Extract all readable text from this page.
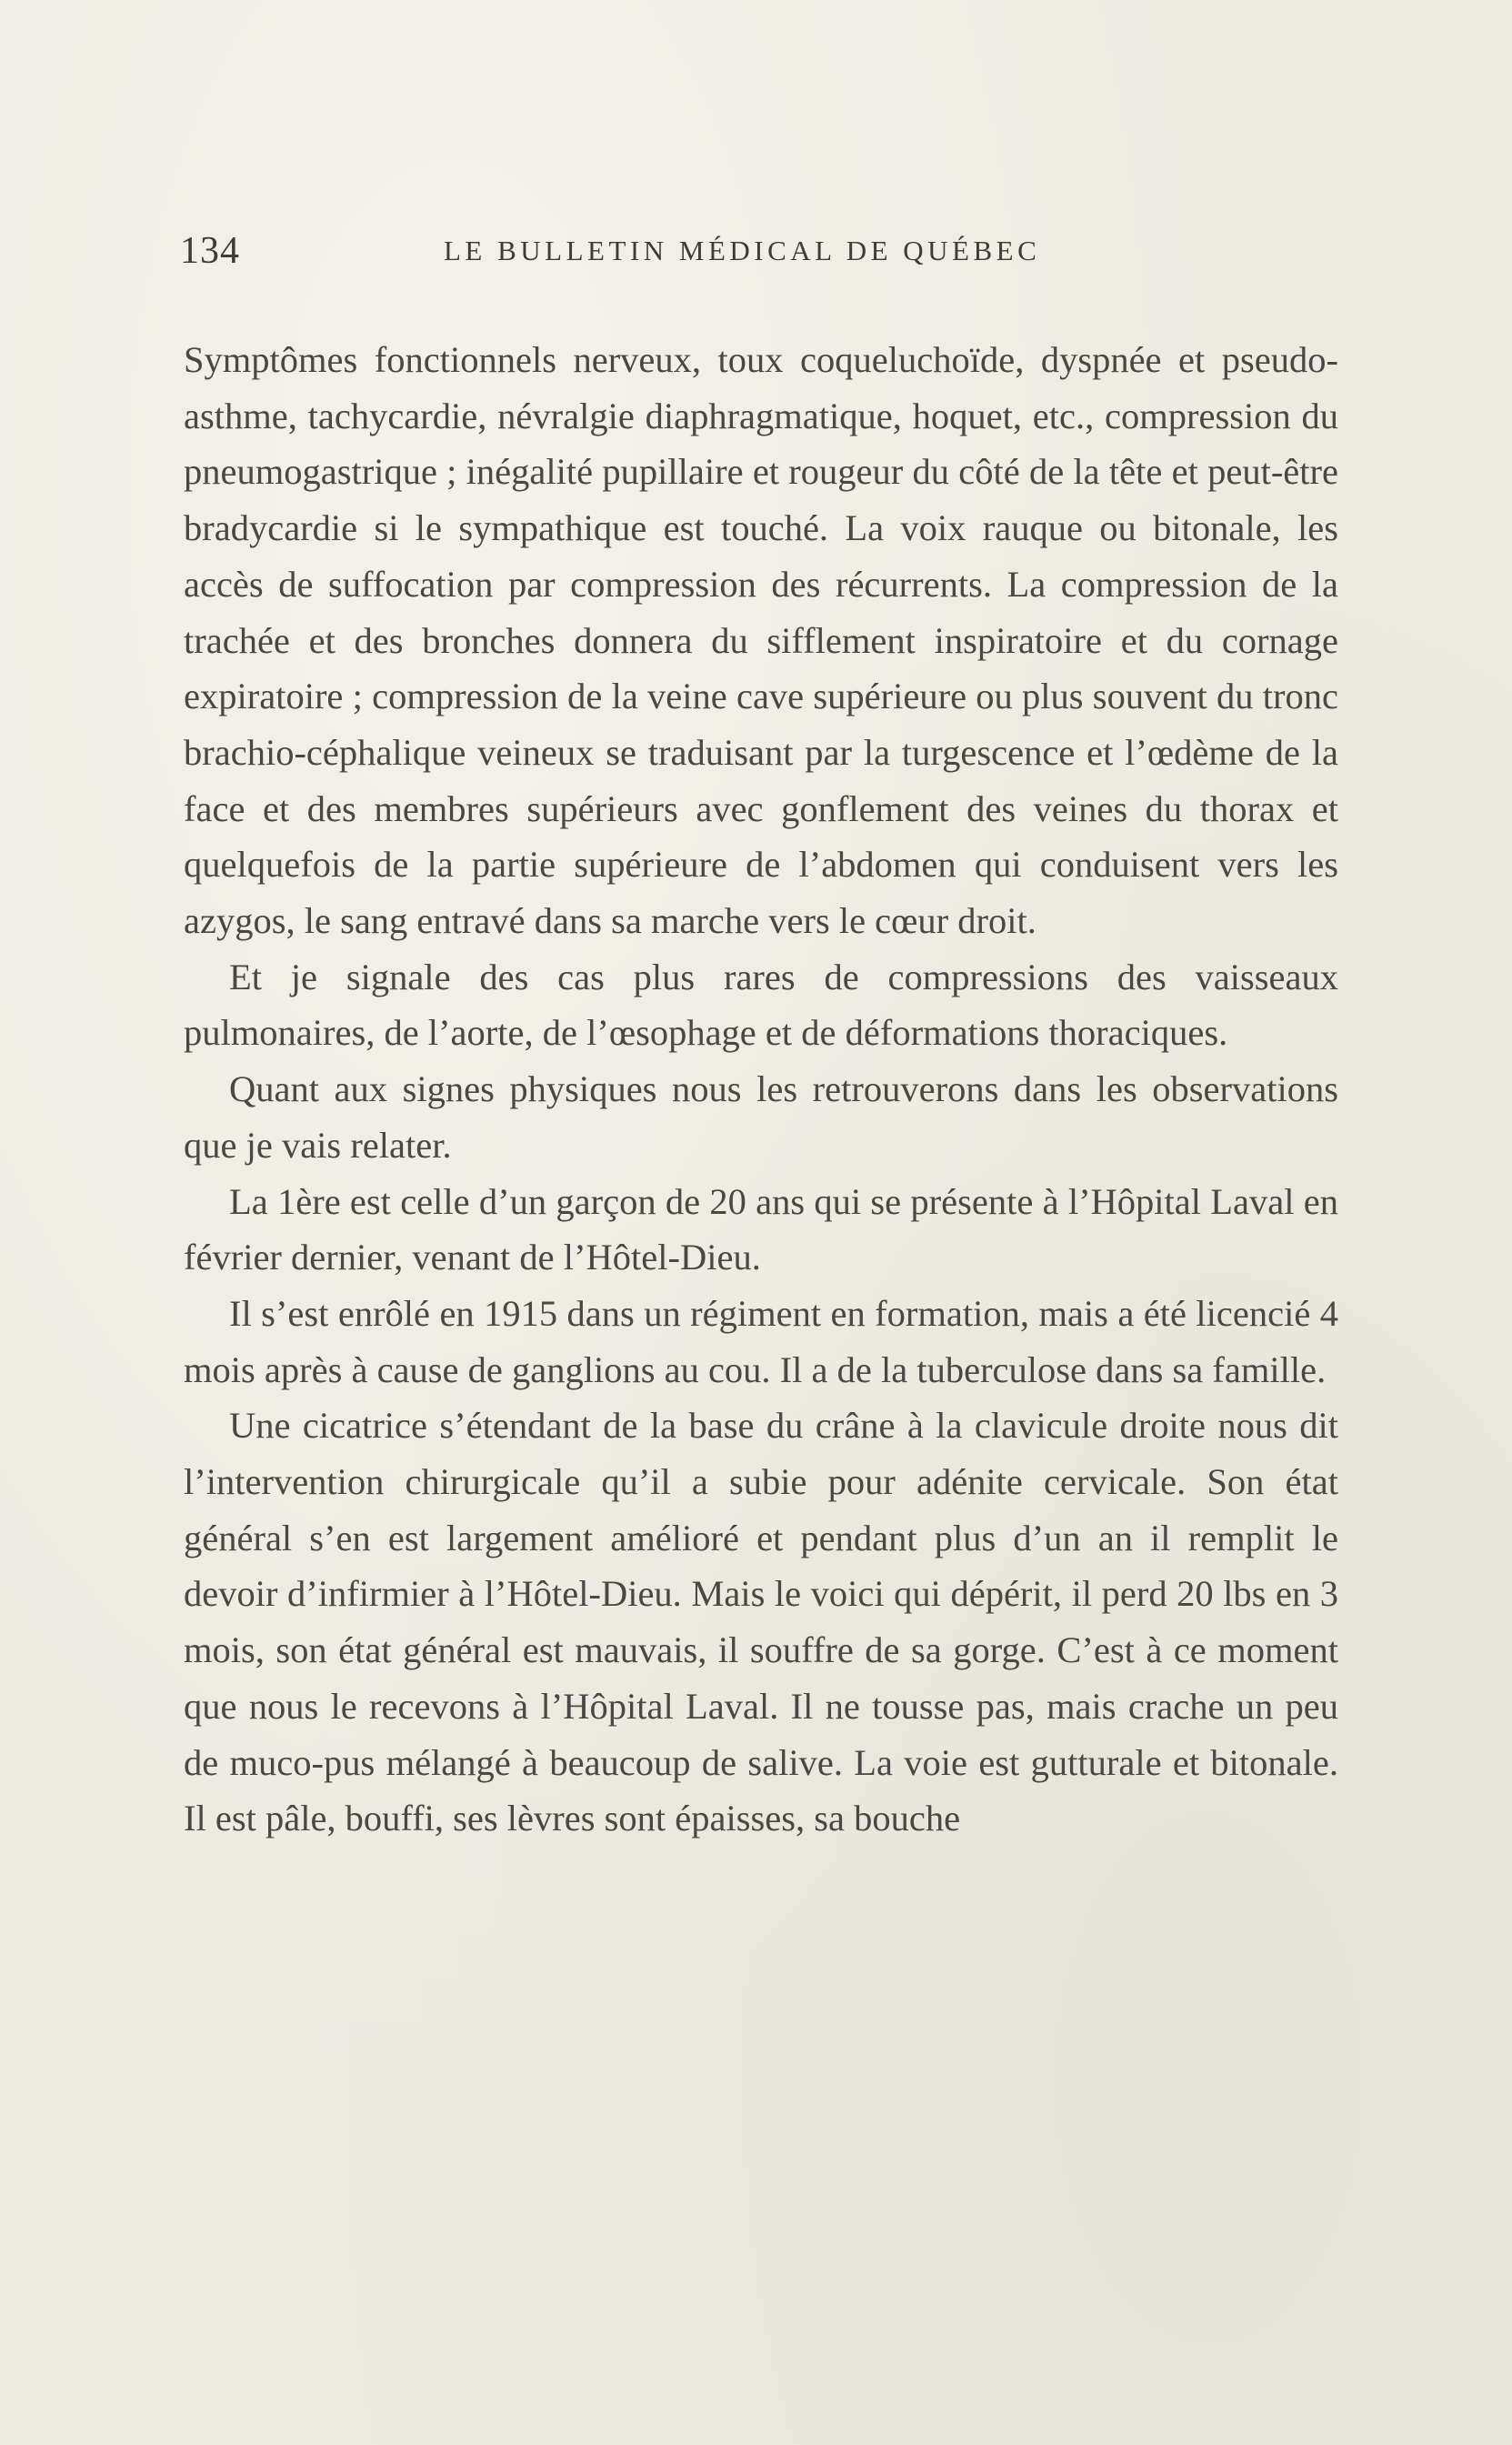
134	LE BULLETIN MÉDICAL DE QUÉBEC

Symptômes fonctionnels nerveux, toux coqueluchoïde, dyspnée et pseudo-asthme, tachycardie, névralgie diaphragmatique, hoquet, etc., compression du pneumogastrique ; inégalité pupillaire et rougeur du côté de la tête et peut-être bradycardie si le sympathique est touché. La voix rauque ou bitonale, les accès de suffocation par compression des récurrents. La compression de la trachée et des bronches donnera du sifflement inspiratoire et du cornage expiratoire ; compression de la veine cave supérieure ou plus souvent du tronc brachio-céphalique veineux se traduisant par la turgescence et l’œdème de la face et des membres supérieurs avec gonflement des veines du thorax et quelquefois de la partie supérieure de l’abdomen qui conduisent vers les azygos, le sang entravé dans sa marche vers le cœur droit.

Et je signale des cas plus rares de compressions des vaisseaux pulmonaires, de l’aorte, de l’œsophage et de déformations thoraciques.

Quant aux signes physiques nous les retrouverons dans les observations que je vais relater.

La 1ère est celle d’un garçon de 20 ans qui se présente à l’Hôpital Laval en février dernier, venant de l’Hôtel-Dieu.

Il s’est enrôlé en 1915 dans un régiment en formation, mais a été licencié 4 mois après à cause de ganglions au cou. Il a de la tuberculose dans sa famille.

Une cicatrice s’étendant de la base du crâne à la clavicule droite nous dit l’intervention chirurgicale qu’il a subie pour adénite cervicale. Son état général s’en est largement amélioré et pendant plus d’un an il remplit le devoir d’infirmier à l’Hôtel-Dieu. Mais le voici qui dépérit, il perd 20 lbs en 3 mois, son état général est mauvais, il souffre de sa gorge. C’est à ce moment que nous le recevons à l’Hôpital Laval. Il ne tousse pas, mais crache un peu de muco-pus mélangé à beaucoup de salive. La voie est gutturale et bitonale. Il est pâle, bouffi, ses lèvres sont épaisses, sa bouche
